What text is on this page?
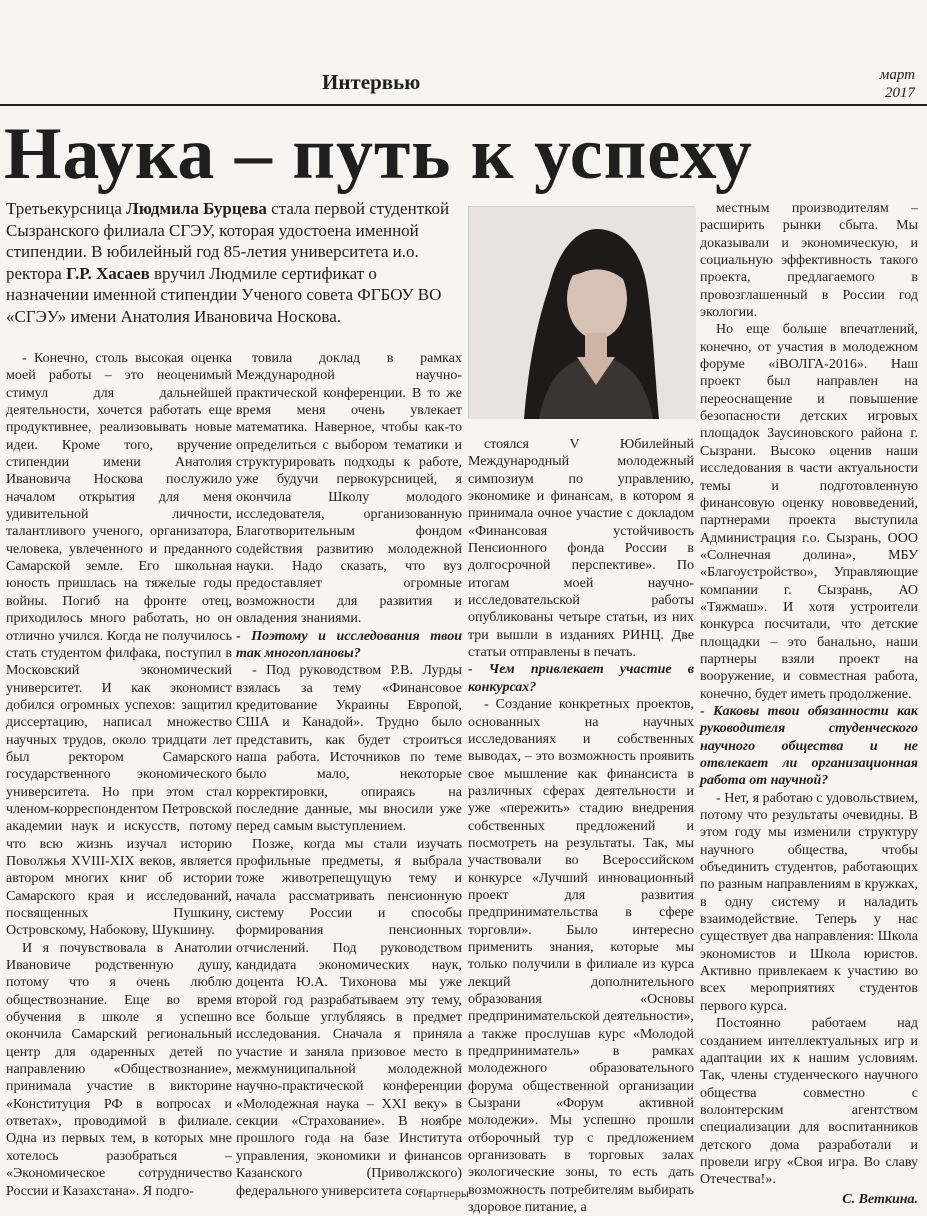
Интервью	март
2017
Наука – путь к успеху
Третьекурсница Людмила Бурцева стала первой студенткой Сызранского филиала СГЭУ, которая удостоена именной стипендии. В юбилейный год 85-летия университета и.о. ректора Г.Р. Хасаев вручил Людмиле сертификат о назначении именной стипендии Ученого совета ФГБОУ ВО «СГЭУ» имени Анатолия Ивановича Носкова.

- Конечно, столь высокая оценка моей работы – это неоценимый стимул для дальнейшей деятельности, хочется работать еще продуктивнее, реализовывать новые идеи. Кроме того, вручение стипендии имени Анатолия Ивановича Носкова послужило началом открытия для меня удивительной личности, талантливого ученого, организатора, человека, увлеченного и преданного Самарской земле. Его школьная юность пришлась на тяжелые годы войны. Погиб на фронте отец, приходилось много работать, но он отлично учился. Когда не получилось стать студентом филфака, поступил в Московский экономический университет. И как экономист добился огромных успехов: защитил диссертацию, написал множество научных трудов, около тридцати лет был ректором Самарского государственного экономического университета. Но при этом стал членом-корреспондентом Петровской академии наук и искусств, потому что всю жизнь изучал историю Поволжья XVIII-XIX веков, является автором многих книг об истории Самарского края и исследований, посвященных Пушкину, Островскому, Набокову, Шукшину.

И я почувствовала в Анатолии Ивановиче родственную душу, потому что я очень люблю обществознание. Еще во время обучения в школе я успешно окончила Самарский региональный центр для одаренных детей по направлению «Обществознание», принимала участие в викторине «Конституция РФ в вопросах и ответах», проводимой в филиале. Одна из первых тем, в которых мне хотелось разобраться – «Экономическое сотрудничество России и Казахстана». Я подго-

товила доклад в рамках Международной научно-практической конференции. В то же время меня очень увлекает математика. Наверное, чтобы как-то определиться с выбором тематики и структурировать подходы к работе, уже будучи первокурсницей, я окончила Школу молодого исследователя, организованную Благотворительным фондом содействия развитию молодежной науки. Надо сказать, что вуз предоставляет огромные возможности для развития и овладения знаниями.

- Поэтому и исследования твои так многоплановы?

- Под руководством Р.В. Лурды взялась за тему «Финансовое кредитование Украины Европой, США и Канадой». Трудно было представить, как будет строиться наша работа. Источников по теме было мало, некоторые корректировки, опираясь на последние данные, мы вносили уже перед самым выступлением.

Позже, когда мы стали изучать профильные предметы, я выбрала тоже животрепещущую тему и начала рассматривать пенсионную систему России и способы формирования пенсионных отчислений. Под руководством кандидата экономических наук, доцента Ю.А. Тихонова мы уже второй год разрабатываем эту тему, все больше углубляясь в предмет исследования. Сначала я приняла участие и заняла призовое место в межмуниципальной молодежной научно-практической конференции «Молодежная наука – XXI веку» в секции «Страхование». В ноябре прошлого года на базе Института управления, экономики и финансов Казанского (Приволжского) федерального университета со-

стоялся V Юбилейный Международный молодежный симпозиум по управлению, экономике и финансам, в котором я принимала очное участие с докладом «Финансовая устойчивость Пенсионного фонда России в долгосрочной перспективе». По итогам моей научно-исследовательской работы опубликованы четыре статьи, из них три вышли в изданиях РИНЦ. Две статьи отправлены в печать.

- Чем привлекает участие в конкурсах?

- Создание конкретных проектов, основанных на научных исследованиях и собственных выводах, – это возможность проявить свое мышление как финансиста в различных сферах деятельности и уже «пережить» стадию внедрения собственных предложений и посмотреть на результаты. Так, мы участвовали во Всероссийском конкурсе «Лучший инновационный проект для развития предпринимательства в сфере торговли». Было интересно применить знания, которые мы только получили в филиале из курса лекций дополнительного образования «Основы предпринимательской деятельности», а также прослушав курс «Молодой предприниматель» в рамках молодежного образовательного форума общественной организации Сызрани «Форум активной молодежи». Мы успешно прошли отборочный тур с предложением организовать в торговых залах экологические зоны, то есть дать возможность потребителям выбирать здоровое питание, а

местным производителям – расширить рынки сбыта. Мы доказывали и экономическую, и социальную эффективность такого проекта, предлагаемого в провозглашенный в России год экологии.

Но еще больше впечатлений, конечно, от участия в молодежном форуме «iВОЛГА-2016». Наш проект был направлен на переоснащение и повышение безопасности детских игровых площадок Заусиновского района г. Сызрани. Высоко оценив наши исследования в части актуальности темы и подготовленную финансовую оценку нововведений, партнерами проекта выступила Администрация г.о. Сызрань, ООО «Солнечная долина», МБУ «Благоустройство», Управляющие компании г. Сызрань, АО «Тяжмаш». И хотя устроители конкурса посчитали, что детские площадки – это банально, наши партнеры взяли проект на вооружение, и совместная работа, конечно, будет иметь продолжение.

- Каковы твои обязанности как руководителя студенческого научного общества и не отвлекает ли организационная работа от научной?

- Нет, я работаю с удовольствием, потому что результаты очевидны. В этом году мы изменили структуру научного общества, чтобы объединить студентов, работающих по разным направлениям в кружках, в одну систему и наладить взаимодействие. Теперь у нас существует два направления: Школа экономистов и Школа юристов. Активно привлекаем к участию во всех мероприятиях студентов первого курса.

Постоянно работаем над созданием интеллектуальных игр и адаптации их к нашим условиям. Так, члены студенческого научного общества совместно с волонтерским агентством специализации для воспитанников детского дома разработали и провели игру «Своя игра. Во славу Отечества!».

С. Веткина.

Партнеры
